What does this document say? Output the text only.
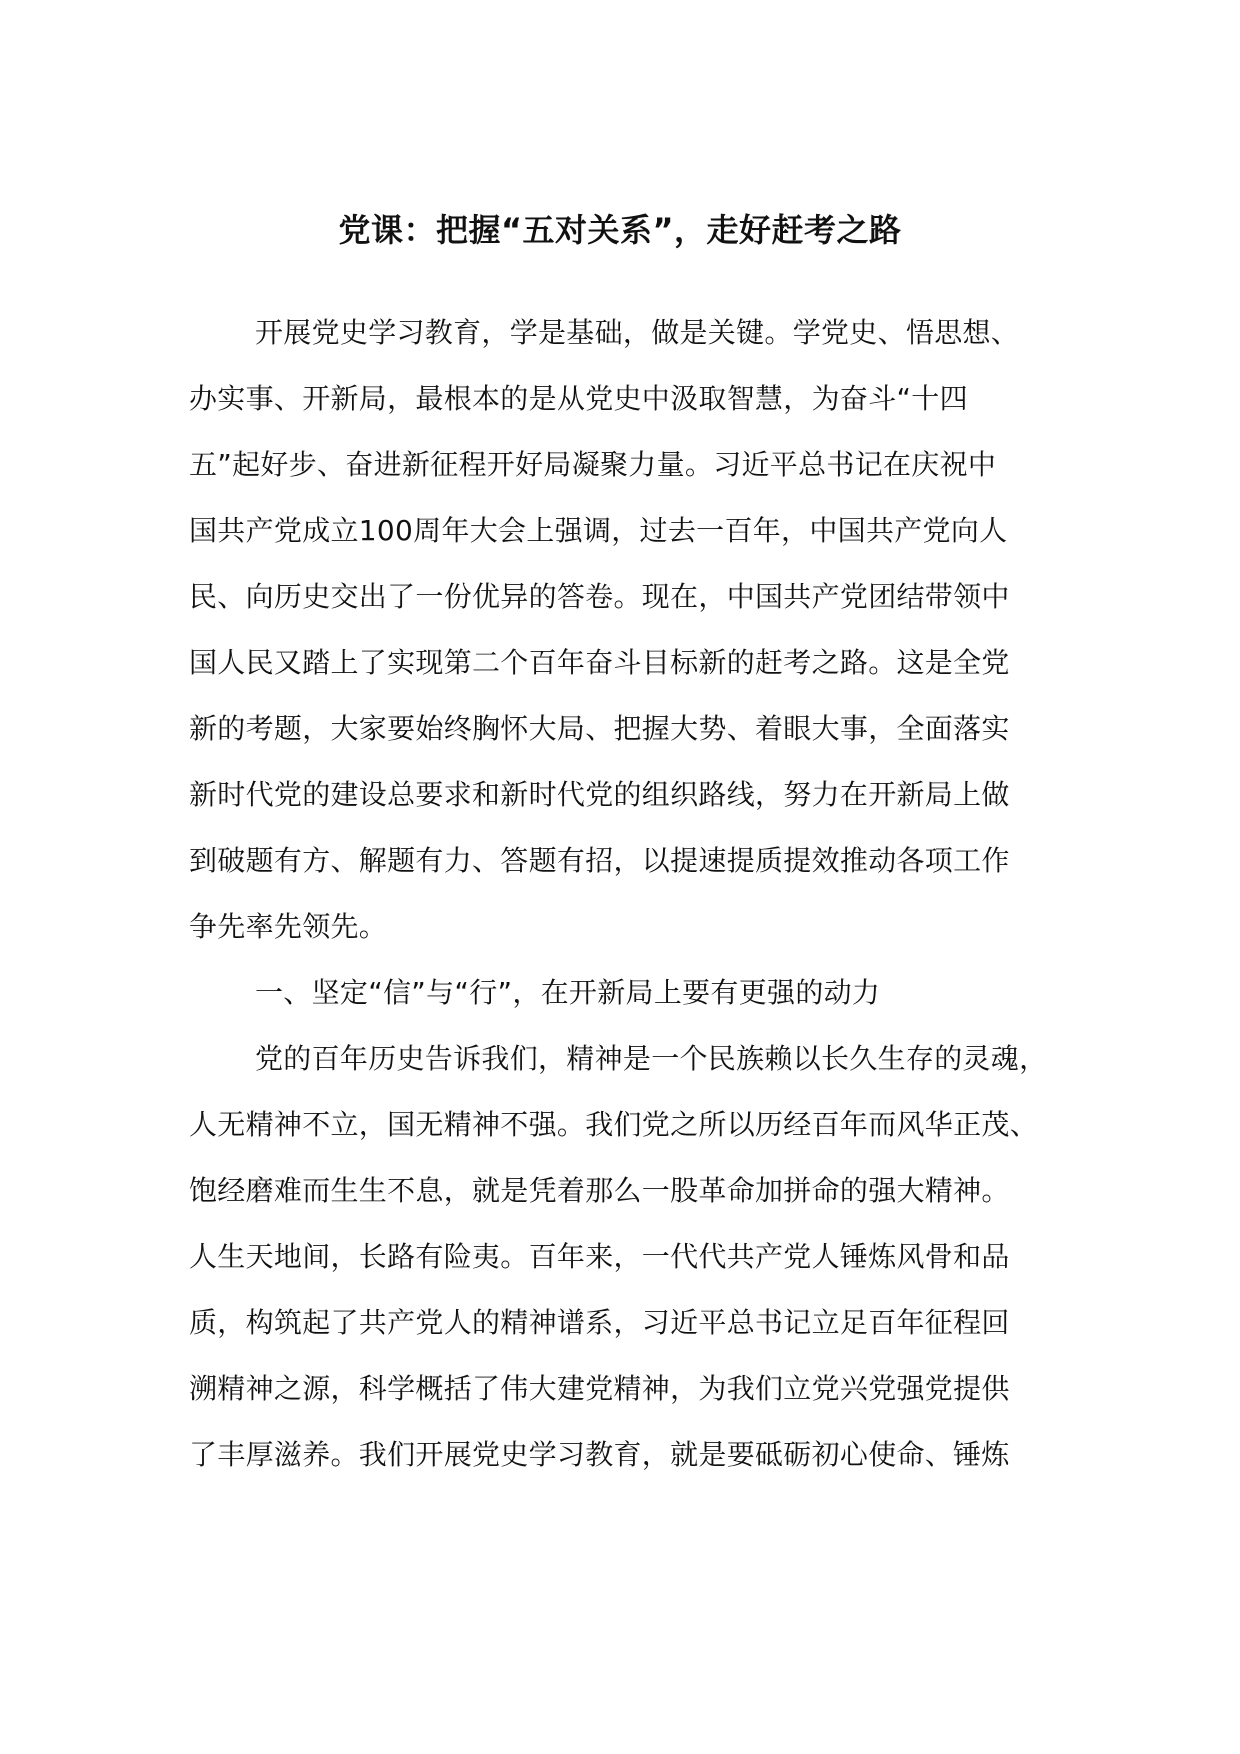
党课：把握“五对关系”，走好赶考之路
开展党史学习教育，学是基础，做是关键。学党史、悟思想、
办实事、开新局，最根本的是从党史中汲取智慧，为奋斗“十四
五”起好步、奋进新征程开好局凝聚力量。习近平总书记在庆祝中
国共产党成立100周年大会上强调，过去一百年，中国共产党向人
民、向历史交出了一份优异的答卷。现在，中国共产党团结带领中
国人民又踏上了实现第二个百年奋斗目标新的赶考之路。这是全党
新的考题，大家要始终胸怀大局、把握大势、着眼大事，全面落实
新时代党的建设总要求和新时代党的组织路线，努力在开新局上做
到破题有方、解题有力、答题有招，以提速提质提效推动各项工作
争先率先领先。
一、坚定“信”与“行”，在开新局上要有更强的动力
党的百年历史告诉我们，精神是一个民族赖以长久生存的灵魂，
人无精神不立，国无精神不强。我们党之所以历经百年而风华正茂、
饱经磨难而生生不息，就是凭着那么一股革命加拼命的强大精神。
人生天地间，长路有险夷。百年来，一代代共产党人锤炼风骨和品
质，构筑起了共产党人的精神谱系，习近平总书记立足百年征程回
溯精神之源，科学概括了伟大建党精神，为我们立党兴党强党提供
了丰厚滋养。我们开展党史学习教育，就是要砥砺初心使命、锤炼
